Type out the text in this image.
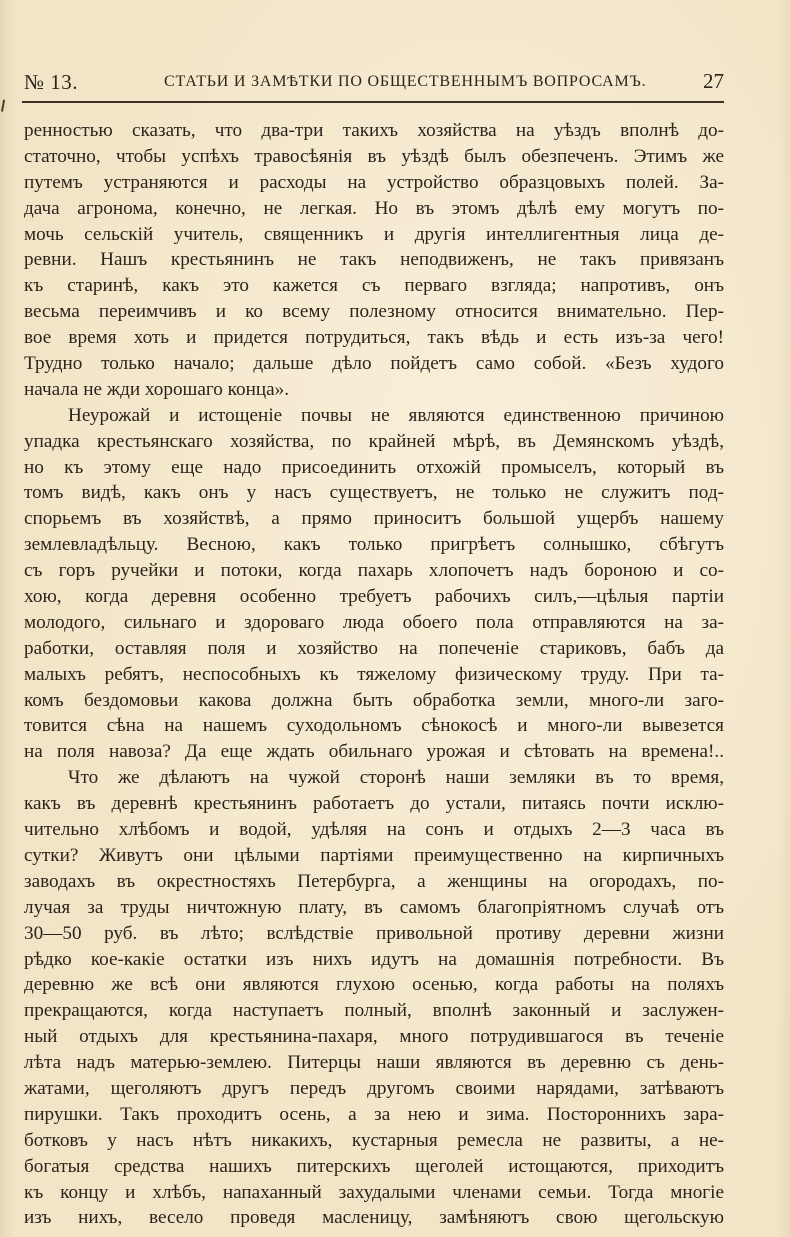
№ 13.	СТАТЬИ И ЗАМѢТКИ ПО ОБЩЕСТВЕННЫМЪ ВОПРОСАМЪ.	27
ренностью сказать, что два-три такихъ хозяйства на уѣздъ вполнѣ до-
статочно, чтобы успѣхъ травосѣянія въ уѣздѣ былъ обезпеченъ. Этимъ же
путемъ устраняются и расходы на устройство образцовыхъ полей. За-
дача агронома, конечно, не легкая. Но въ этомъ дѣлѣ ему могутъ по-
мочь сельскій учитель, священникъ и другія интеллигентныя лица де-
ревни. Нашъ крестьянинъ не такъ неподвиженъ, не такъ привязанъ
къ старинѣ, какъ это кажется съ перваго взгляда; напротивъ, онъ
весьма переимчивъ и ко всему полезному относится внимательно. Пер-
вое время хоть и придется потрудиться, такъ вѣдь и есть изъ-за чего!
Трудно только начало; дальше дѣло пойдетъ само собой. «Безъ худого
начала не жди хорошаго конца».
Неурожай и истощеніе почвы не являются единственною причиною
упадка крестьянскаго хозяйства, по крайней мѣрѣ, въ Демянскомъ уѣздѣ,
но къ этому еще надо присоединить отхожій промыселъ, который въ
томъ видѣ, какъ онъ у насъ существуетъ, не только не служитъ под-
спорьемъ въ хозяйствѣ, а прямо приноситъ большой ущербъ нашему
землевладѣльцу. Весною, какъ только пригрѣетъ солнышко, сбѣгутъ
съ горъ ручейки и потоки, когда пахарь хлопочетъ надъ бороною и со-
хою, когда деревня особенно требуетъ рабочихъ силъ,—цѣлыя партіи
молодого, сильнаго и здороваго люда обоего пола отправляются на за-
работки, оставляя поля и хозяйство на попеченіе стариковъ, бабъ да
малыхъ ребятъ, неспособныхъ къ тяжелому физическому труду. При та-
комъ бездомовьи какова должна быть обработка земли, много-ли заго-
товится сѣна на нашемъ суходольномъ сѣнокосѣ и много-ли вывезется
на поля навоза? Да еще ждать обильнаго урожая и сѣтовать на времена!..
Что же дѣлаютъ на чужой сторонѣ наши земляки въ то время,
какъ въ деревнѣ крестьянинъ работаетъ до устали, питаясь почти исклю-
чительно хлѣбомъ и водой, удѣляя на сонъ и отдыхъ 2—3 часа въ
сутки? Живутъ они цѣлыми партіями преимущественно на кирпичныхъ
заводахъ въ окрестностяхъ Петербурга, а женщины на огородахъ, по-
лучая за труды ничтожную плату, въ самомъ благопріятномъ случаѣ отъ
30—50 руб. въ лѣто; вслѣдствіе привольной противу деревни жизни
рѣдко кое-какіе остатки изъ нихъ идутъ на домашнія потребности. Въ
деревню же всѣ они являются глухою осенью, когда работы на поляхъ
прекращаются, когда наступаетъ полный, вполнѣ законный и заслужен-
ный отдыхъ для крестьянина-пахаря, много потрудившагося въ теченіе
лѣта надъ матерью-землею. Питерцы наши являются въ деревню съ день-
жатами, щеголяютъ другъ передъ другомъ своими нарядами, затѣваютъ
пирушки. Такъ проходитъ осень, а за нею и зима. Постороннихъ зара-
ботковъ у насъ нѣтъ никакихъ, кустарныя ремесла не развиты, а не-
богатыя средства нашихъ питерскихъ щеголей истощаются, приходитъ
къ концу и хлѣбъ, напаханный захудалыми членами семьи. Тогда многіе
изъ нихъ, весело проведя масленицу, замѣняютъ свою щегольскую
